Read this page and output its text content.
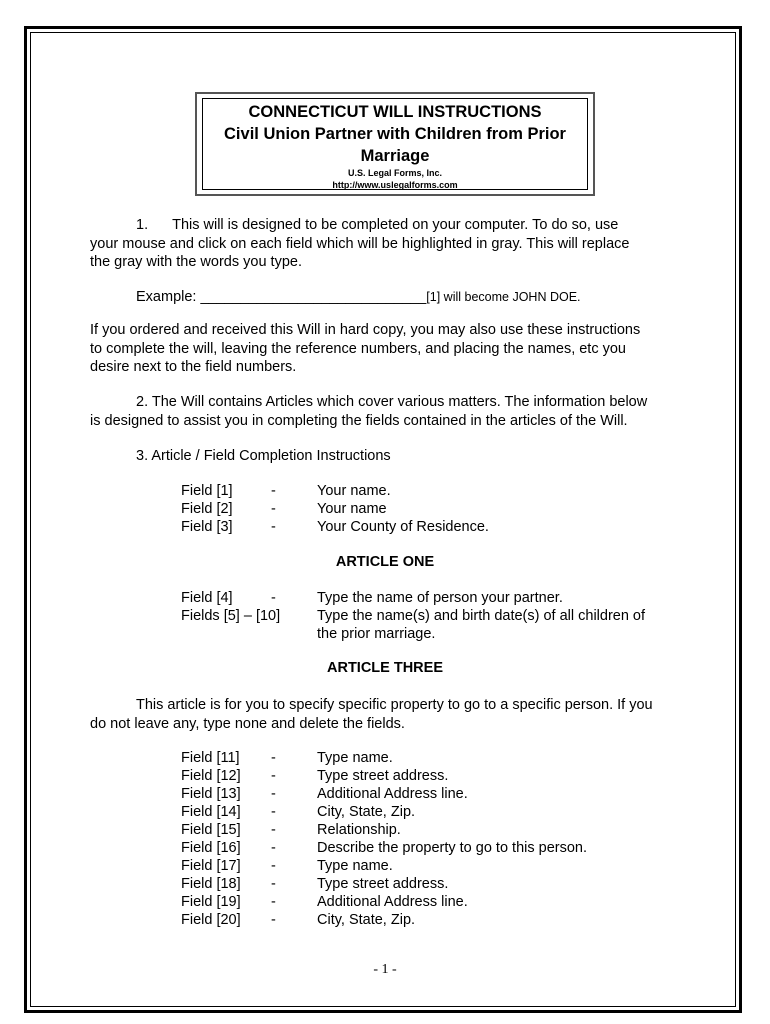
CONNECTICUT WILL INSTRUCTIONS
Civil Union Partner with Children from Prior
Marriage
U.S. Legal Forms, Inc.
http://www.uslegalforms.com
1. This will is designed to be completed on your computer. To do so, use
your mouse and click on each field which will be highlighted in gray. This will replace
the gray with the words you type.
Example: ____________________________[1] will become JOHN DOE.
If you ordered and received this Will in hard copy, you may also use these instructions
to complete the will, leaving the reference numbers, and placing the names, etc you
desire next to the field numbers.
2. The Will contains Articles which cover various matters. The information below
is designed to assist you in completing the fields contained in the articles of the Will.
3. Article / Field Completion Instructions
Field [1]	-	Your name.
Field [2]	-	Your name
Field [3]	-	Your County of Residence.
ARTICLE ONE
Field [4]	-	Type the name of person your partner.
Fields [5] – [10]	Type the name(s) and birth date(s) of all children of
the prior marriage.
ARTICLE THREE
This article is for you to specify specific property to go to a specific person. If you
do not leave any, type none and delete the fields.
Field [11] -	Type name.
Field [12] -	Type street address.
Field [13] -	Additional Address line.
Field [14] -	City, State, Zip.
Field [15] -	Relationship.
Field [16] -	Describe the property to go to this person.
Field [17] -	Type name.
Field [18] -	Type street address.
Field [19] -	Additional Address line.
Field [20] -	City, State, Zip.
- 1 -
